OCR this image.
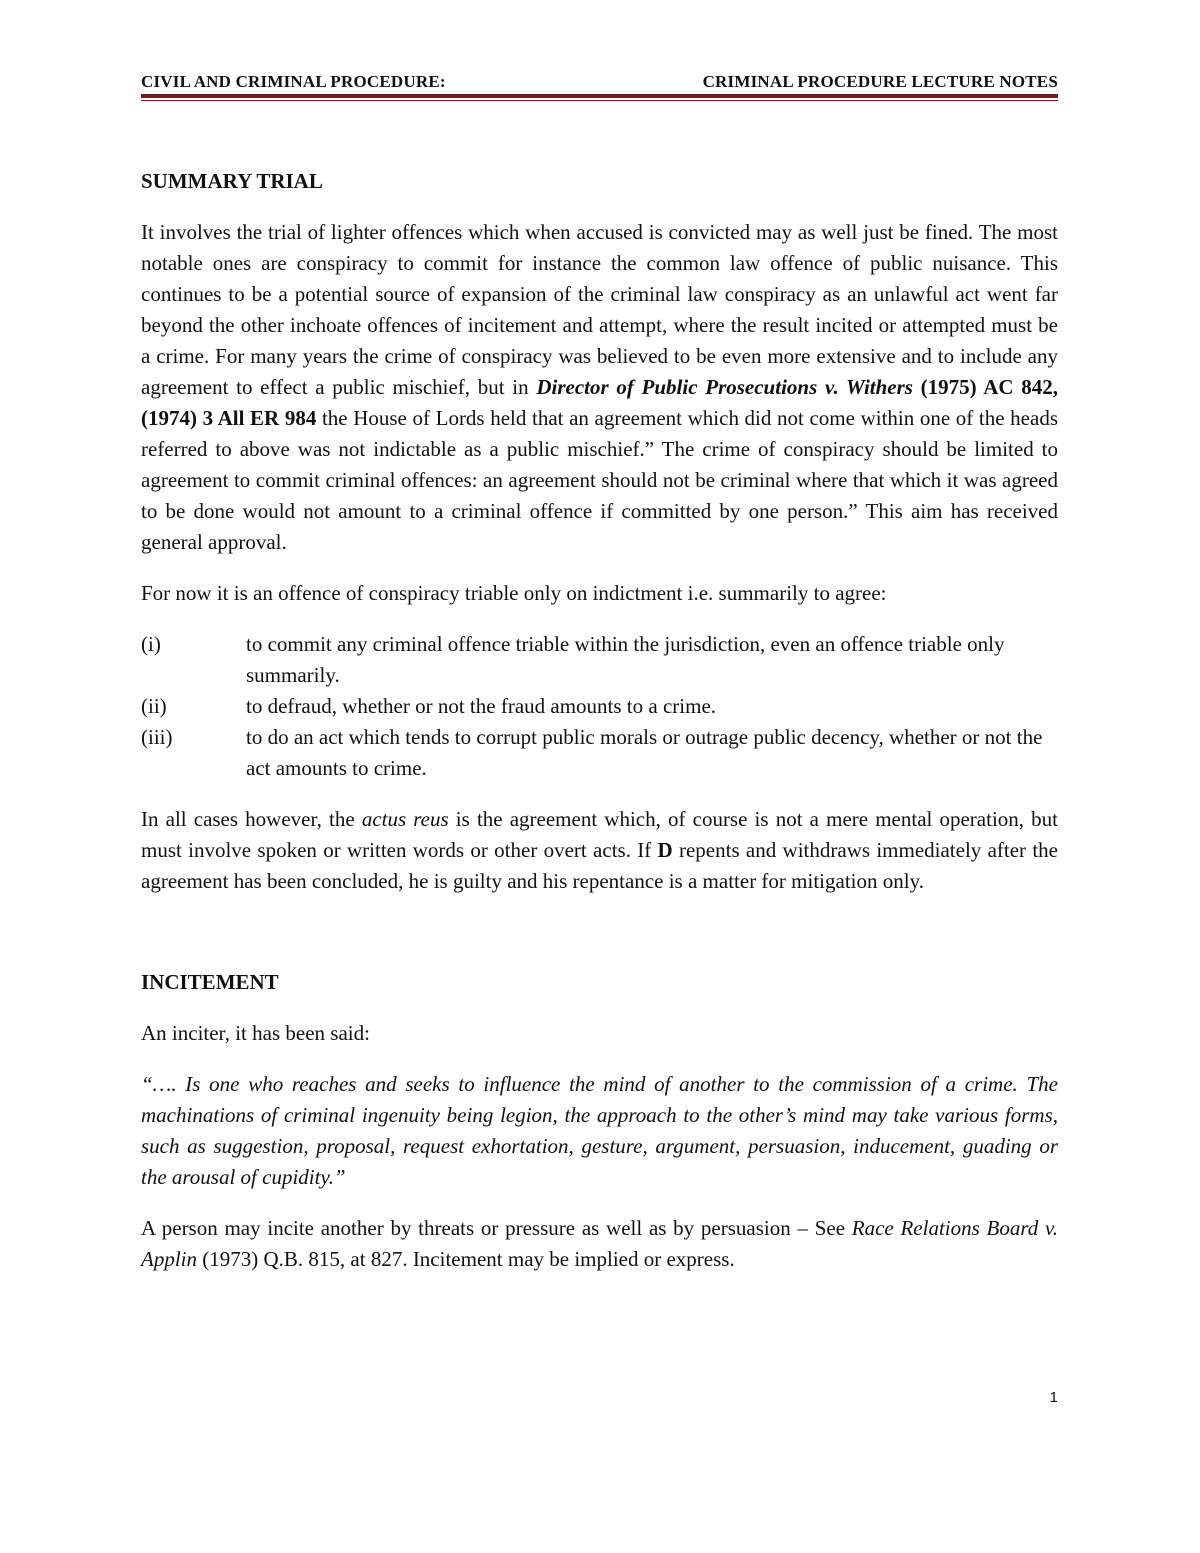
CIVIL AND CRIMINAL PROCEDURE:	CRIMINAL PROCEDURE LECTURE NOTES
SUMMARY TRIAL

It involves the trial of lighter offences which when accused is convicted may as well just be fined. The most notable ones are conspiracy to commit for instance the common law offence of public nuisance. This continues to be a potential source of expansion of the criminal law conspiracy as an unlawful act went far beyond the other inchoate offences of incitement and attempt, where the result incited or attempted must be a crime. For many years the crime of conspiracy was believed to be even more extensive and to include any agreement to effect a public mischief, but in Director of Public Prosecutions v. Withers (1975) AC 842, (1974) 3 All ER 984 the House of Lords held that an agreement which did not come within one of the heads referred to above was not indictable as a public mischief.” The crime of conspiracy should be limited to agreement to commit criminal offences: an agreement should not be criminal where that which it was agreed to be done would not amount to a criminal offence if committed by one person.” This aim has received general approval.

For now it is an offence of conspiracy triable only on indictment i.e. summarily to agree:

(i)	to commit any criminal offence triable within the jurisdiction, even an offence triable only summarily.
(ii)	to defraud, whether or not the fraud amounts to a crime.
(iii)	to do an act which tends to corrupt public morals or outrage public decency, whether or not the act amounts to crime.

In all cases however, the actus reus is the agreement which, of course is not a mere mental operation, but must involve spoken or written words or other overt acts. If D repents and withdraws immediately after the agreement has been concluded, he is guilty and his repentance is a matter for mitigation only.

INCITEMENT

An inciter, it has been said:

“…. Is one who reaches and seeks to influence the mind of another to the commission of a crime. The machinations of criminal ingenuity being legion, the approach to the other’s mind may take various forms, such as suggestion, proposal, request exhortation, gesture, argument, persuasion, inducement, guading or the arousal of cupidity.”

A person may incite another by threats or pressure as well as by persuasion – See Race Relations Board v. Applin (1973) Q.B. 815, at 827. Incitement may be implied or express.

1
